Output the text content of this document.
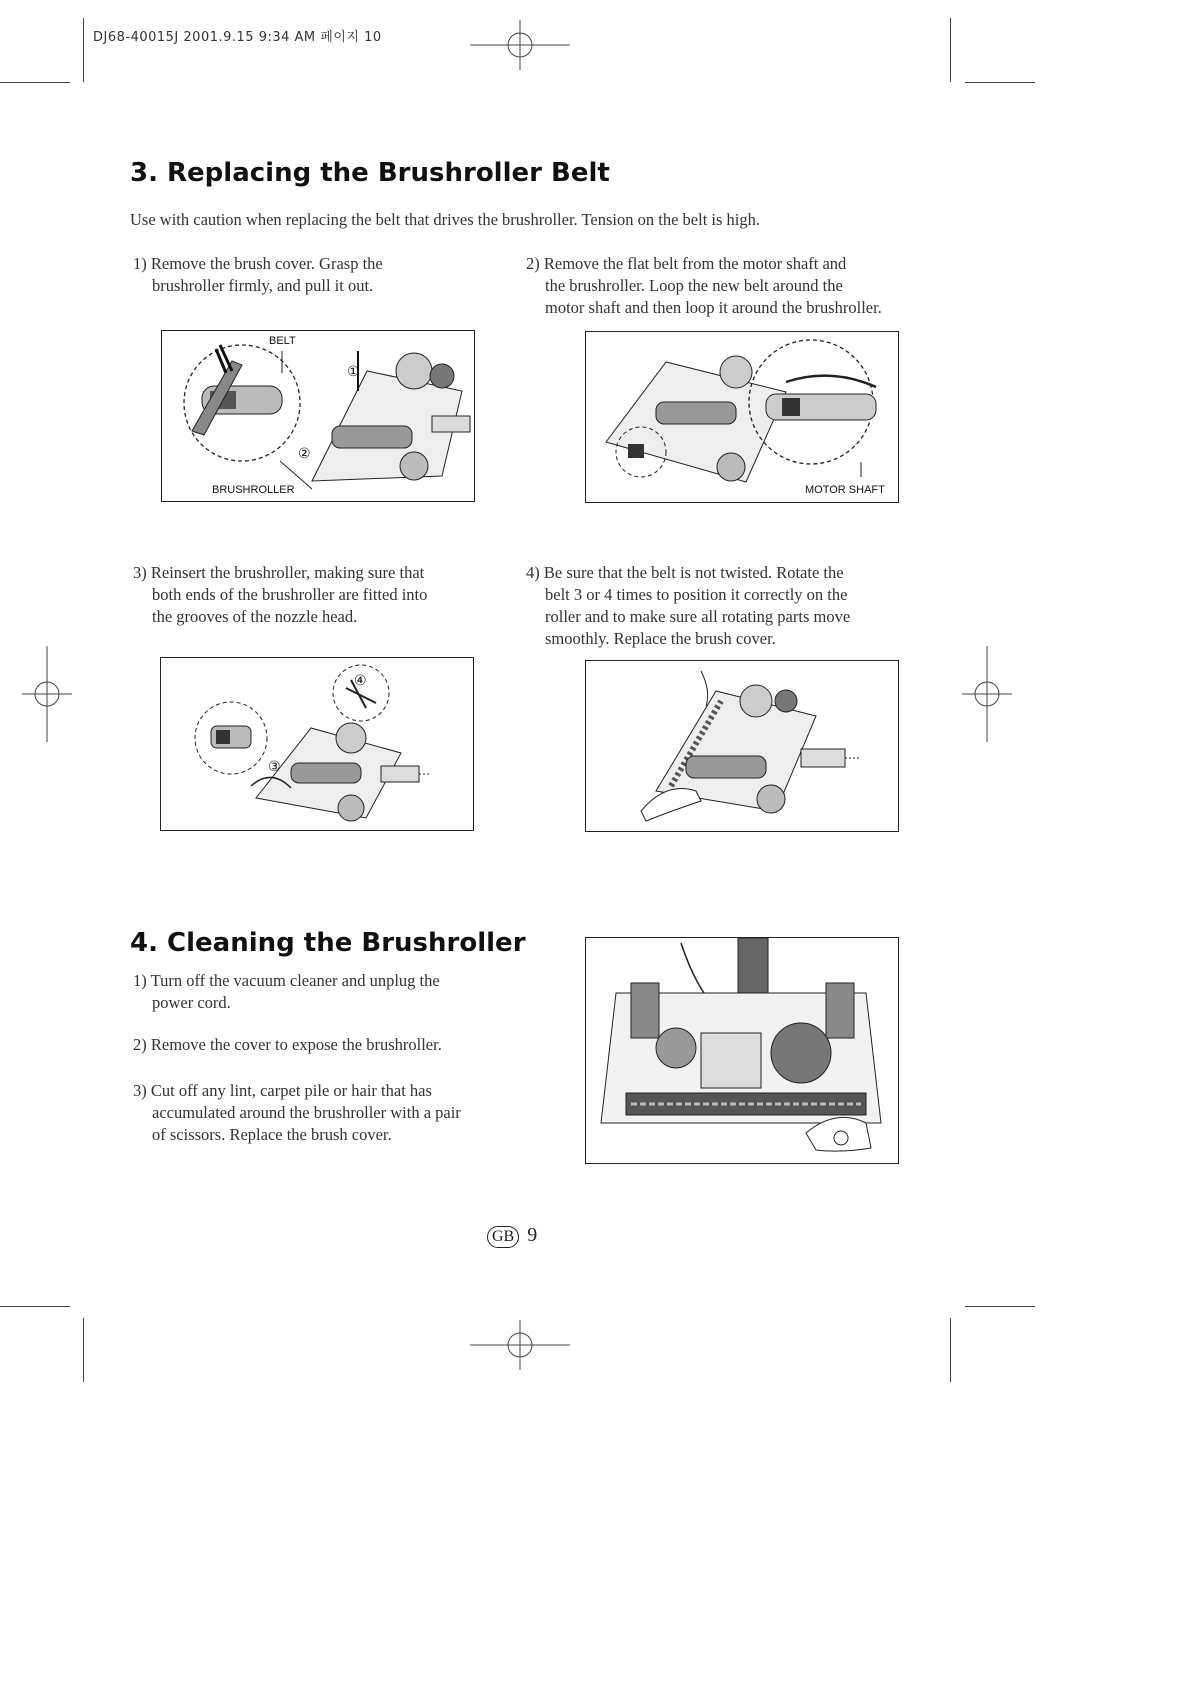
DJ68-40015J 2001.9.15 9:34 AM 페이지 10
3. Replacing the Brushroller Belt
Use with caution when replacing the belt that drives the brushroller. Tension on the belt is high.
1) Remove the brush cover. Grasp the
brushroller firmly, and pull it out.
2) Remove the flat belt from the motor shaft and
the brushroller. Loop the new belt around the
motor shaft and then loop it around the brushroller.
BELT
BRUSHROLLER
①
②
MOTOR SHAFT
3) Reinsert the brushroller, making sure that
both ends of the brushroller are fitted into
the grooves of the nozzle head.
4) Be sure that the belt is not twisted. Rotate the
belt 3 or 4 times to position it correctly on the
roller and to make sure all rotating parts move
smoothly. Replace the brush cover.
④
③
4. Cleaning the Brushroller
1) Turn off the vacuum cleaner and unplug the
power cord.
2) Remove the cover to expose the brushroller.
3) Cut off any lint, carpet pile or hair that has
accumulated around the brushroller with a pair
of scissors. Replace the brush cover.
GB 9
